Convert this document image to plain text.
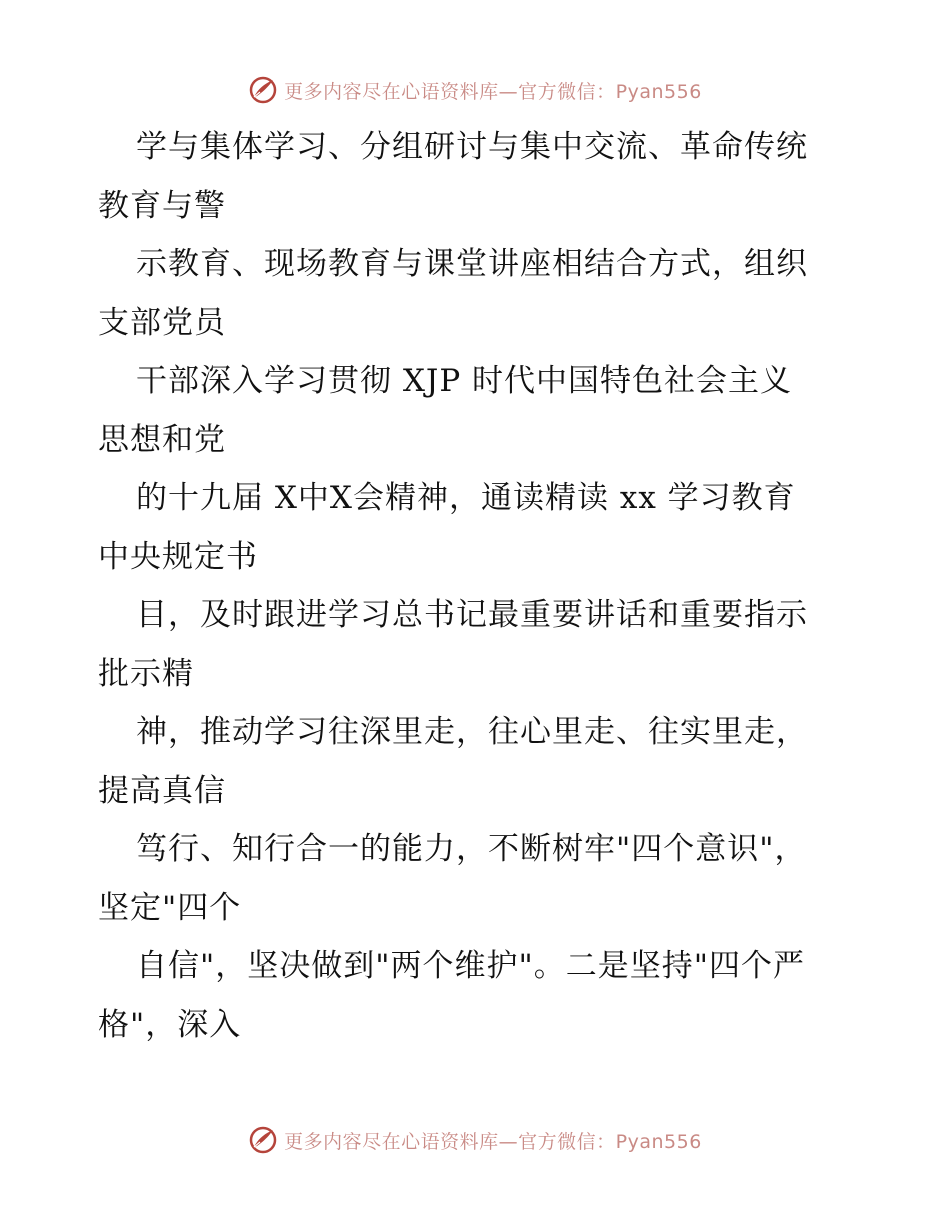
更多内容尽在心语资料库—官方微信：Pyan556
学与集体学习、分组研讨与集中交流、革命传统
教育与警
示教育、现场教育与课堂讲座相结合方式，组织
支部党员
干部深入学习贯彻 XJP 时代中国特色社会主义
思想和党
的十九届 X中X会精神，通读精读 xx 学习教育
中央规定书
目，及时跟进学习总书记最重要讲话和重要指示
批示精
神，推动学习往深里走，往心里走、往实里走，
提高真信
笃行、知行合一的能力，不断树牢"四个意识"，
坚定"四个
自信"，坚决做到"两个维护"。二是坚持"四个严
格"，深入
更多内容尽在心语资料库—官方微信：Pyan556
